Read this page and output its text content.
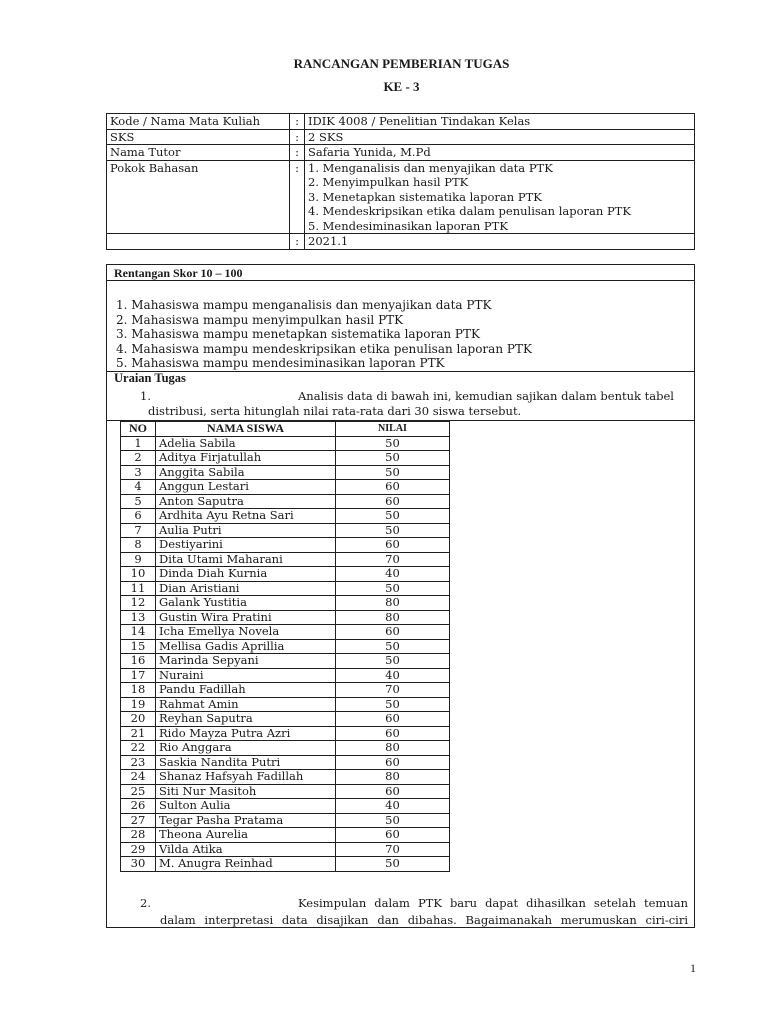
RANCANGAN PEMBERIAN TUGAS
KE - 3
Kode / Nama Mata Kuliah	:	IDIK 4008 / Penelitian Tindakan Kelas
SKS	:	2 SKS
Nama Tutor	:	Safaria Yunida, M.Pd
Pokok Bahasan	:	1. Menganalisis dan menyajikan data PTK
2. Menyimpulkan hasil PTK
3. Menetapkan sistematika laporan PTK
4. Mendeskripsikan etika dalam penulisan laporan PTK
5. Mendesiminasikan laporan PTK

	:	2021.1
Rentangan Skor 10 – 100
1. Mahasiswa mampu menganalisis dan menyajikan data PTK
2. Mahasiswa mampu menyimpulkan hasil PTK
3. Mahasiswa mampu menetapkan sistematika laporan PTK
4. Mahasiswa mampu mendeskripsikan etika penulisan laporan PTK
5. Mahasiswa mampu mendesiminasikan laporan PTK
Uraian Tugas
1.	Analisis data di bawah ini, kemudian sajikan dalam bentuk tabel
distribusi, serta hitunglah nilai rata-rata dari 30 siswa tersebut.
2.	Kesimpulan dalam PTK baru dapat dihasilkan setelah temuan dalam interpretasi data disajikan dan dibahas. Bagaimanakah merumuskan ciri-ciri
NO	NAMA SISWA	NILAI
1	Adelia Sabila	50
2	Aditya Firjatullah	50
3	Anggita Sabila	50
4	Anggun Lestari	60
5	Anton Saputra	60
6	Ardhita Ayu Retna Sari	50
7	Aulia Putri	50
8	Destiyarini	60
9	Dita Utami Maharani	70
10	Dinda Diah Kurnia	40
11	Dian Aristiani	50
12	Galank Yustitia	80
13	Gustin Wira Pratini	80
14	Icha Emellya Novela	60
15	Mellisa Gadis Aprillia	50
16	Marinda Sepyani	50
17	Nuraini	40
18	Pandu Fadillah	70
19	Rahmat Amin	50
20	Reyhan Saputra	60
21	Rido Mayza Putra Azri	60
22	Rio Anggara	80
23	Saskia Nandita Putri	60
24	Shanaz Hafsyah Fadillah	80
25	Siti Nur Masitoh	60
26	Sulton Aulia	40
27	Tegar Pasha Pratama	50
28	Theona Aurelia	60
29	Vilda Atika	70
30	M. Anugra Reinhad	50
1
